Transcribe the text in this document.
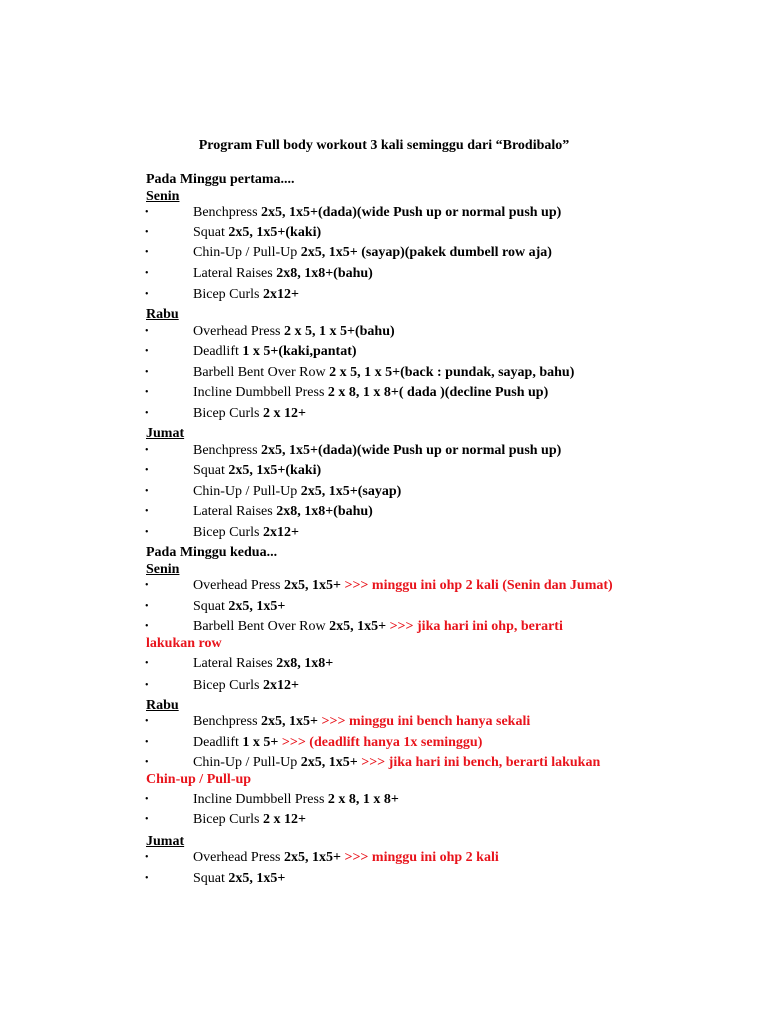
Program Full body workout 3 kali seminggu dari “Brodibalo”
Pada Minggu pertama....
Senin
•	Benchpress 2x5, 1x5+(dada)(wide Push up or normal push up)
•	Squat 2x5, 1x5+(kaki)
•	Chin-Up / Pull-Up 2x5, 1x5+ (sayap)(pakek dumbell row aja)
•	Lateral Raises 2x8, 1x8+(bahu)
•	Bicep Curls 2x12+
Rabu
•	Overhead Press 2 x 5, 1 x 5+(bahu)
•	Deadlift 1 x 5+(kaki,pantat)
•	Barbell Bent Over Row 2 x 5, 1 x 5+(back : pundak, sayap, bahu)
•	Incline Dumbbell Press 2 x 8, 1 x 8+( dada )(decline Push up)
•	Bicep Curls 2 x 12+
Jumat
•	Benchpress 2x5, 1x5+(dada)(wide Push up or normal push up)
•	Squat 2x5, 1x5+(kaki)
•	Chin-Up / Pull-Up 2x5, 1x5+(sayap)
•	Lateral Raises 2x8, 1x8+(bahu)
•	Bicep Curls 2x12+
Pada Minggu kedua...
Senin
•	Overhead Press 2x5, 1x5+ >>> minggu ini ohp 2 kali (Senin dan Jumat)
•	Squat 2x5, 1x5+
•	Barbell Bent Over Row 2x5, 1x5+ >>> jika hari ini ohp, berarti
lakukan row
•	Lateral Raises 2x8, 1x8+
•	Bicep Curls 2x12+
Rabu
•	Benchpress 2x5, 1x5+ >>> minggu ini bench hanya sekali
•	Deadlift 1 x 5+ >>> (deadlift hanya 1x seminggu)
•	Chin-Up / Pull-Up 2x5, 1x5+ >>> jika hari ini bench, berarti lakukan
Chin-up / Pull-up
•	Incline Dumbbell Press 2 x 8, 1 x 8+
•	Bicep Curls 2 x 12+
Jumat
•	Overhead Press 2x5, 1x5+ >>> minggu ini ohp 2 kali
•	Squat 2x5, 1x5+
